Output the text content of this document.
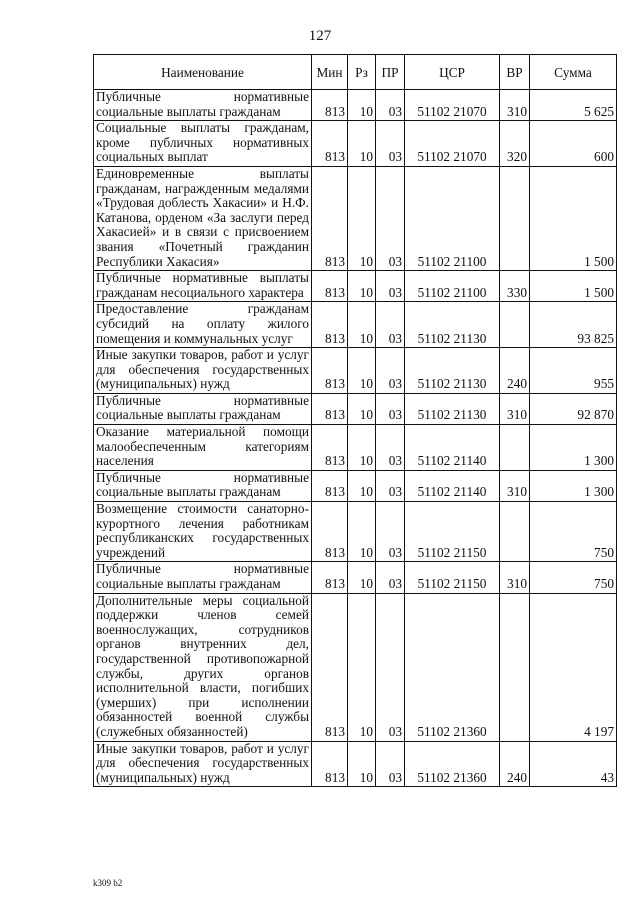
127
Наименование	Мин	Рз	ПР	ЦСР	ВР	Сумма
Публичные нормативные социальные выплаты гражданам	813	10	03	51102 21070	310	5 625
Социальные выплаты гражданам, кроме публичных нормативных социальных выплат	813	10	03	51102 21070	320	600
Единовременные выплаты гражданам, награжденным медалями «Трудовая доблесть Хакасии» и Н.Ф. Катанова, орденом «За заслуги перед Хакасией» и в связи с присвоением звания «Почетный гражданин Республики Хакасия»	813	10	03	51102 21100		1 500
Публичные нормативные выплаты гражданам несоциального характера	813	10	03	51102 21100	330	1 500
Предоставление гражданам субсидий на оплату жилого помещения и коммунальных услуг	813	10	03	51102 21130		93 825
Иные закупки товаров, работ и услуг для обеспечения государственных (муниципальных) нужд	813	10	03	51102 21130	240	955
Публичные нормативные социальные выплаты гражданам	813	10	03	51102 21130	310	92 870
Оказание материальной помощи малообеспеченным категориям населения	813	10	03	51102 21140		1 300
Публичные нормативные социальные выплаты гражданам	813	10	03	51102 21140	310	1 300
Возмещение стоимости санаторно-курортного лечения работникам республиканских государственных учреждений	813	10	03	51102 21150		750
Публичные нормативные социальные выплаты гражданам	813	10	03	51102 21150	310	750
Дополнительные меры социальной поддержки членов семей военнослужащих, сотрудников органов внутренних дел, государственной противопожарной службы, других органов исполнительной власти, погибших (умерших) при исполнении обязанностей военной службы (служебных обязанностей)	813	10	03	51102 21360		4 197
Иные закупки товаров, работ и услуг для обеспечения государственных (муниципальных) нужд	813	10	03	51102 21360	240	43
k309 b2
